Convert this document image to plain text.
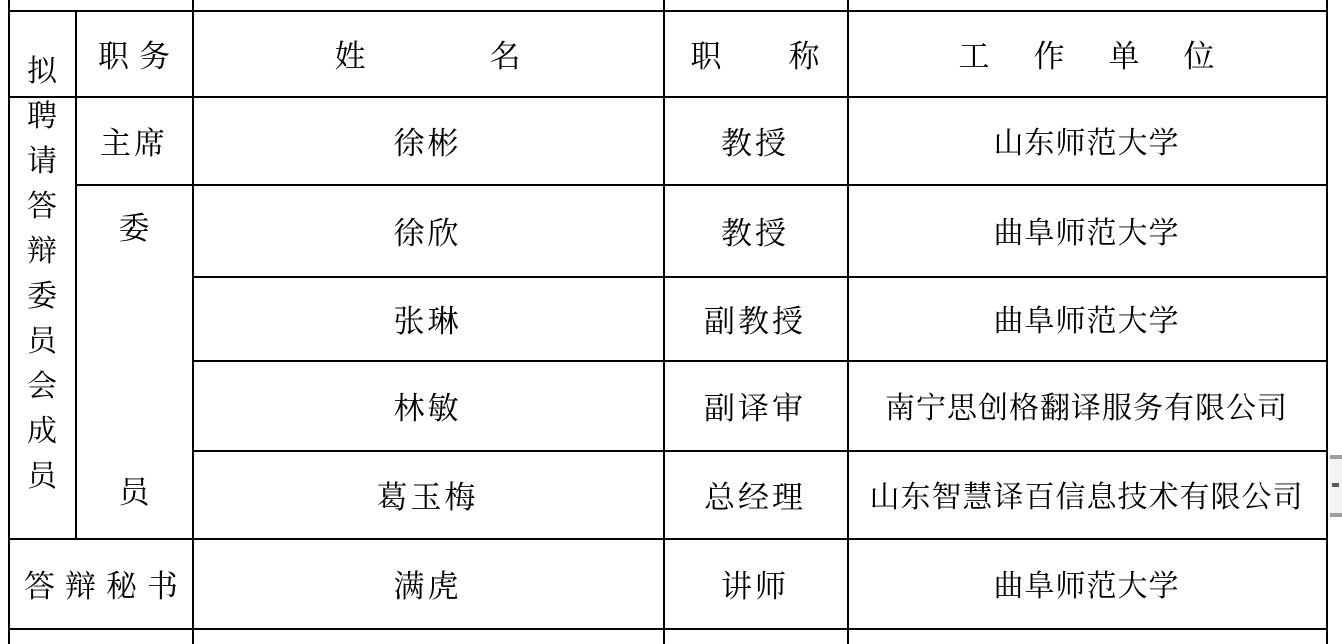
拟聘请答辩委员会成员
职务	姓名 职称 工作单位
主席
委
员
答辩秘书
徐彬
徐欣
张琳
林敏
葛玉梅
满虎
教授
教授
副教授
副译审
总经理
讲师
山东师范大学
曲阜师范大学
曲阜师范大学
南宁思创格翻译服务有限公司
山东智慧译百信息技术有限公司
曲阜师范大学
